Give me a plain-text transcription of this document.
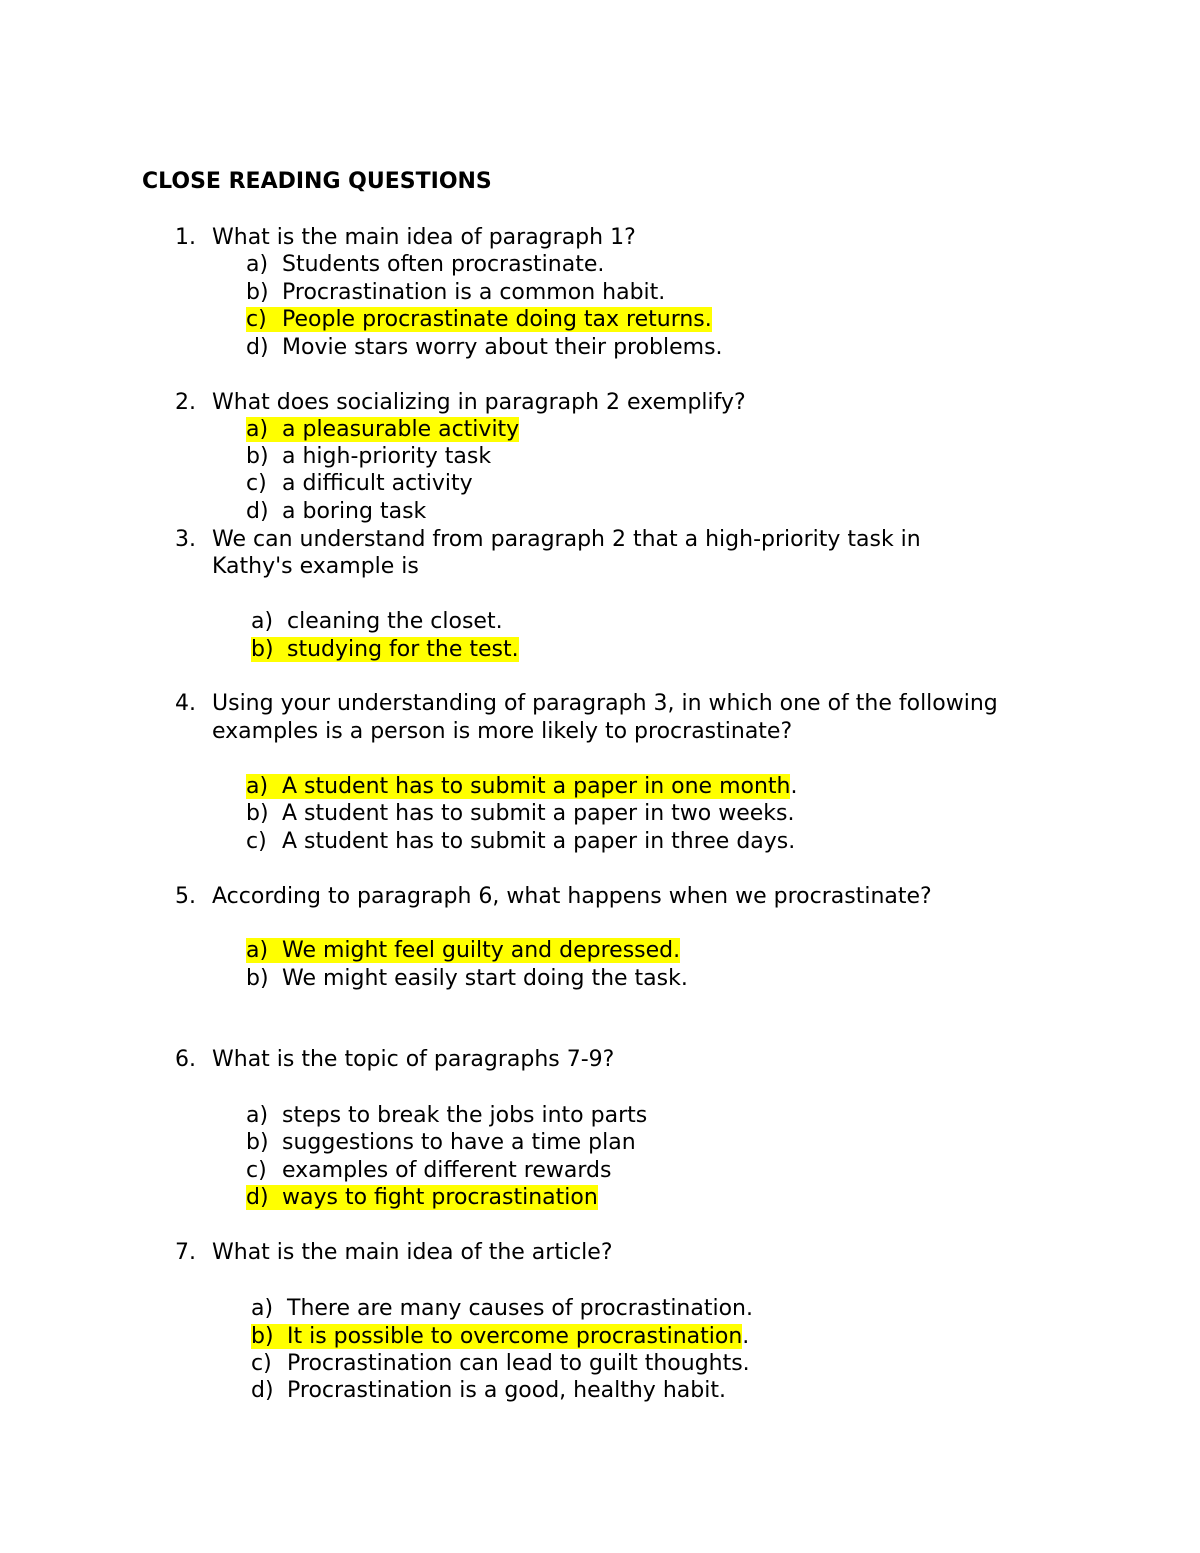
CLOSE READING QUESTIONS
1. What is the main idea of paragraph 1?
a) Students often procrastinate.
b) Procrastination is a common habit.
c) People procrastinate doing tax returns.
d) Movie stars worry about their problems.
2. What does socializing in paragraph 2 exemplify?
a) a pleasurable activity
b) a high-priority task
c) a difficult activity
d) a boring task
3. We can understand from paragraph 2 that a high-priority task in
Kathy's example is
a) cleaning the closet.
b) studying for the test.
4. Using your understanding of paragraph 3, in which one of the following
examples is a person is more likely to procrastinate?
a) A student has to submit a paper in one month.
b) A student has to submit a paper in two weeks.
c) A student has to submit a paper in three days.
5. According to paragraph 6, what happens when we procrastinate?
a) We might feel guilty and depressed.
b) We might easily start doing the task.
6. What is the topic of paragraphs 7-9?
a) steps to break the jobs into parts
b) suggestions to have a time plan
c) examples of different rewards
d) ways to fight procrastination
7. What is the main idea of the article?
a) There are many causes of procrastination.
b) It is possible to overcome procrastination.
c) Procrastination can lead to guilt thoughts.
d) Procrastination is a good, healthy habit.
